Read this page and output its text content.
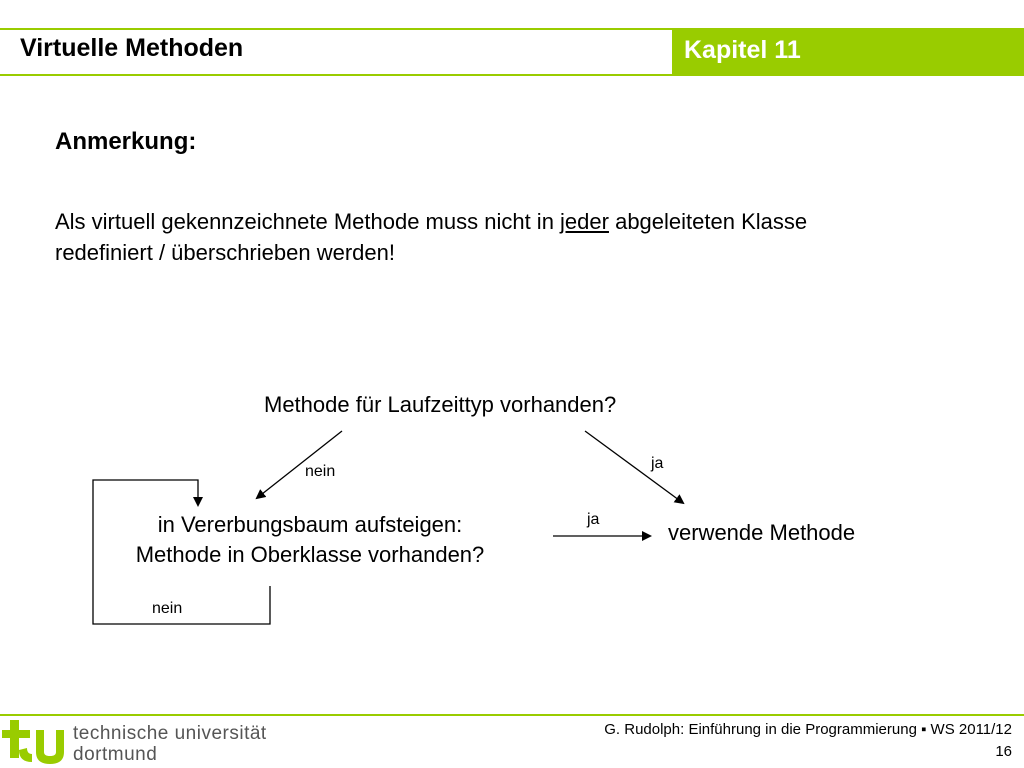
Virtuelle Methoden	Kapitel 11
Anmerkung:
Als virtuell gekennzeichnete Methode muss nicht in jeder abgeleiteten Klasse redefiniert / überschrieben werden!
Methode für Laufzeittyp vorhanden?
in Vererbungsbaum aufsteigen:
Methode in Oberklasse vorhanden?
verwende Methode
nein	ja
ja
nein
technische universität
dortmund
G. Rudolph: Einführung in die Programmierung ▪ WS 2011/12
16
